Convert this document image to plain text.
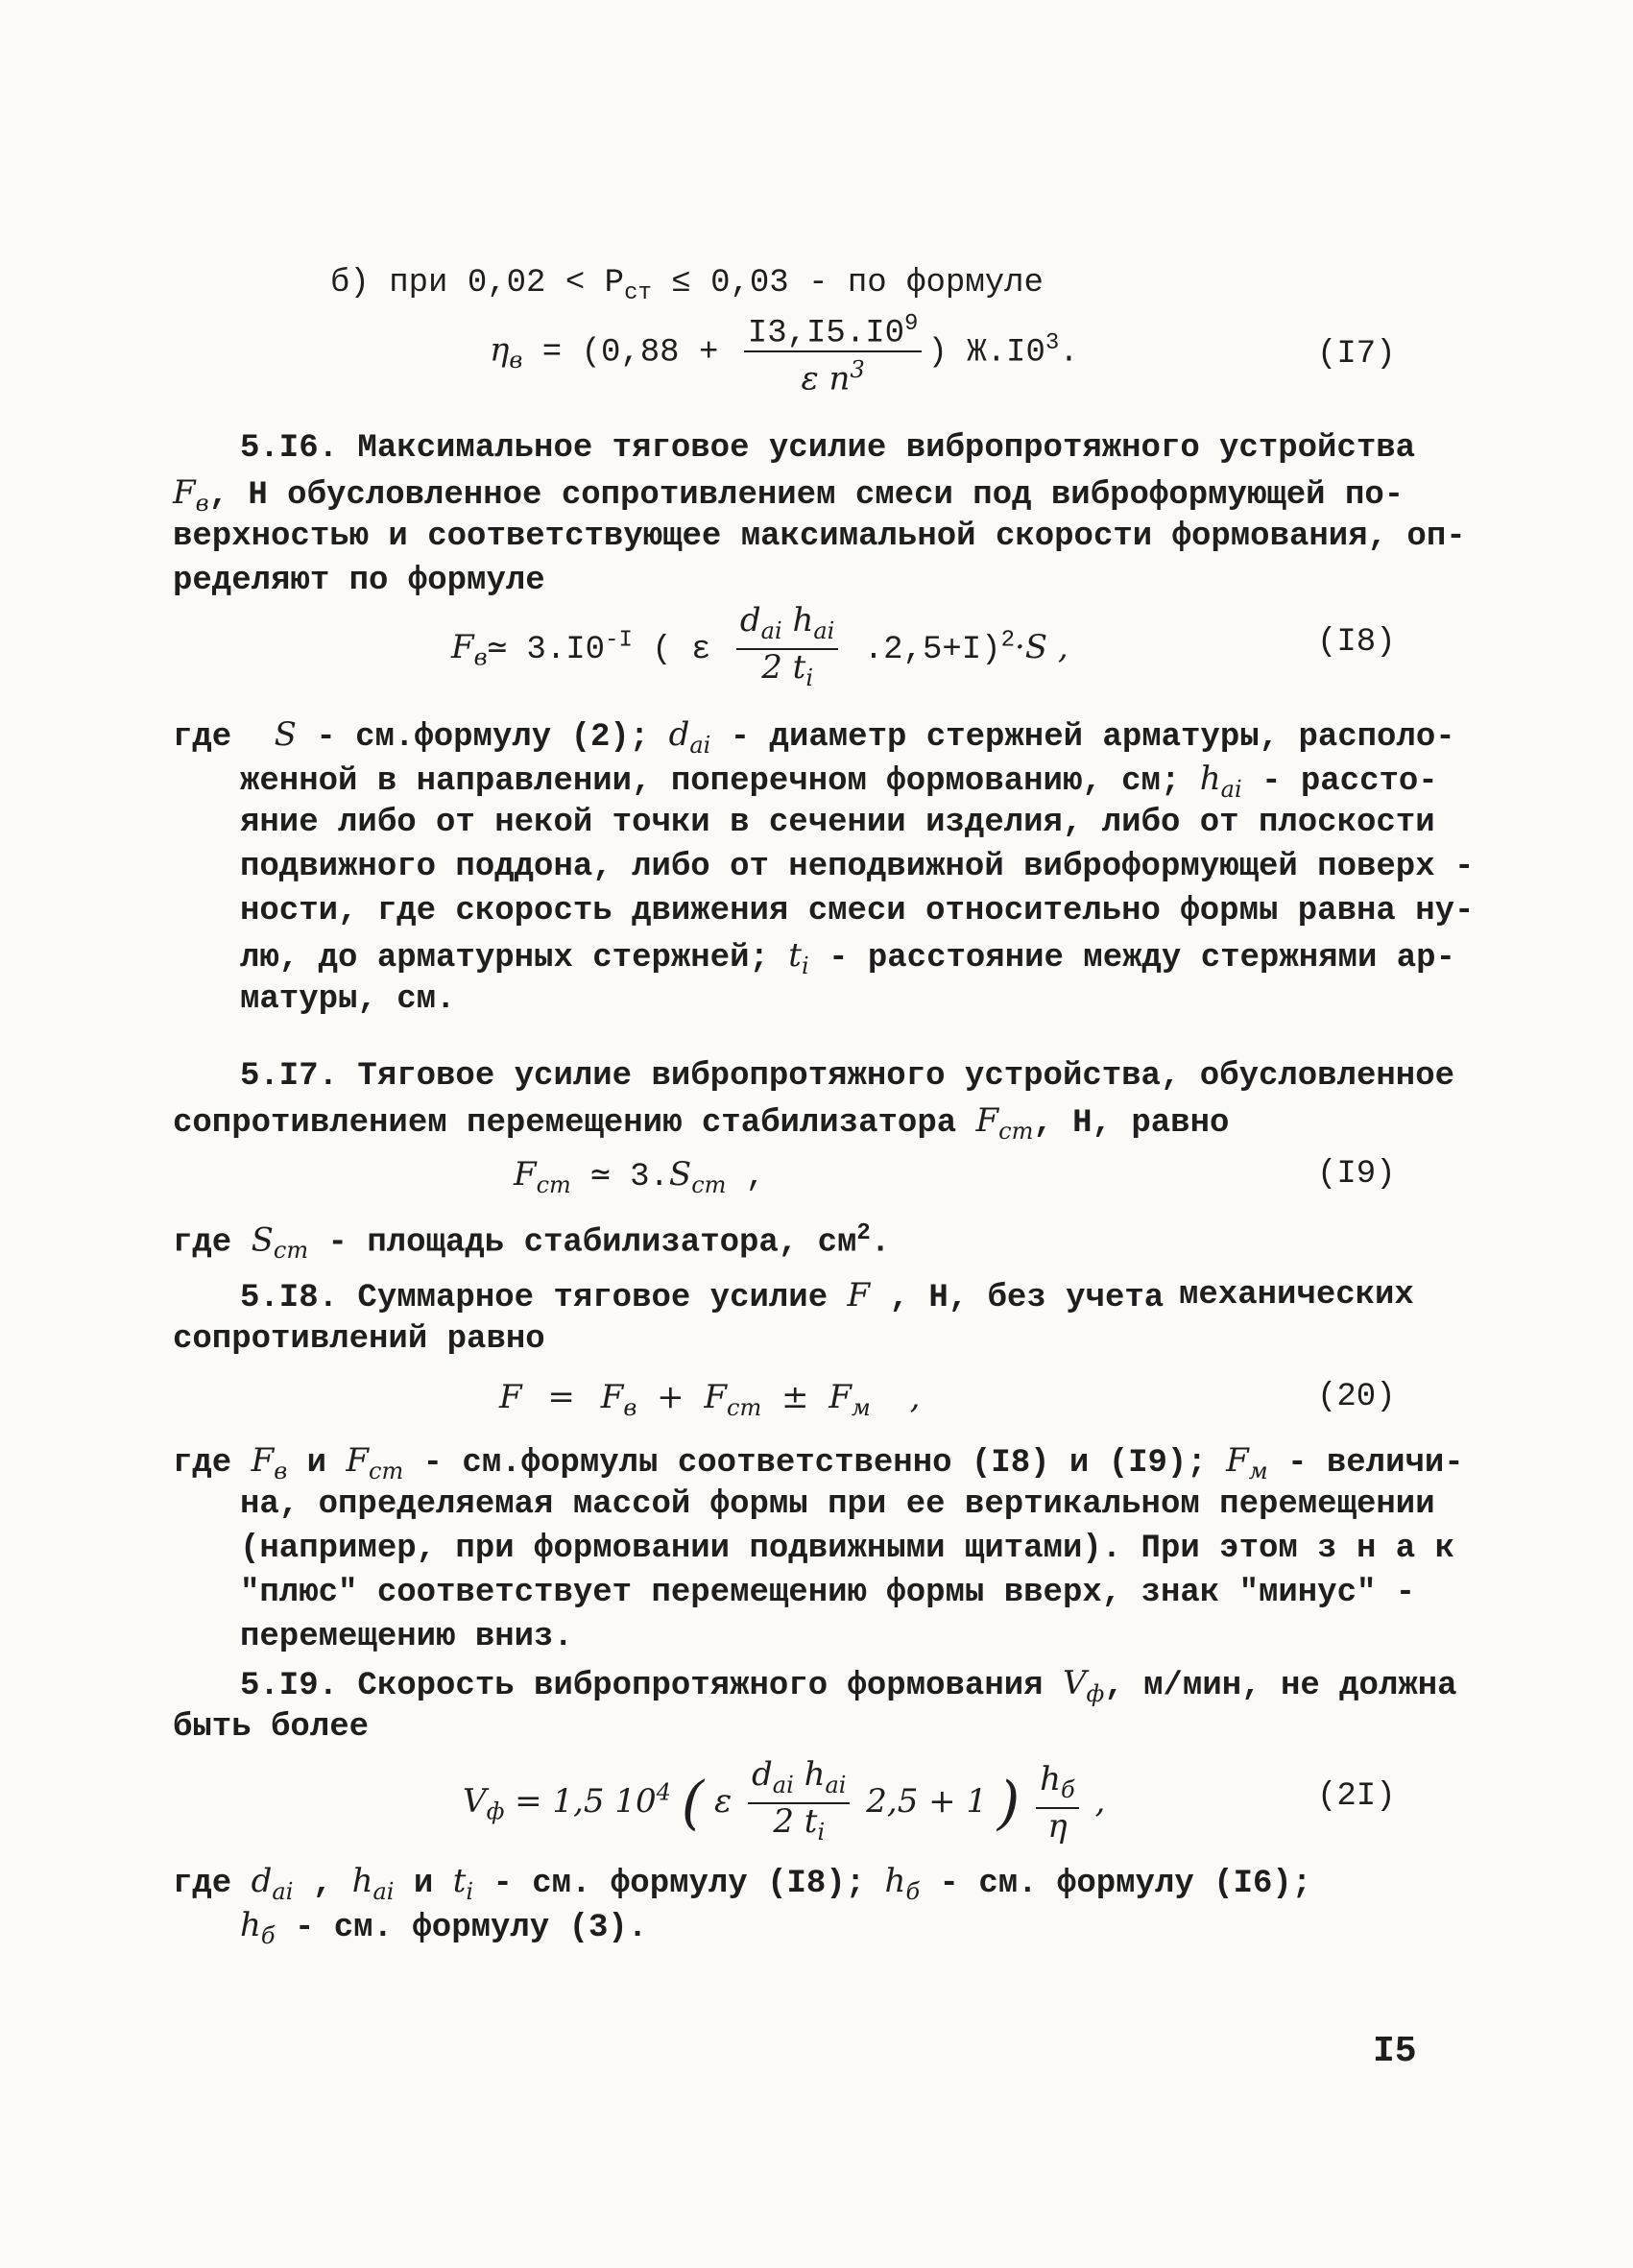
б) при $0,02 < Р_{ст} \le 0,03$ - по формуле
$\eta_в = (0,88 + \frac{I3,I5.I0^9}{\varepsilon n^3}$ ) $Ж.I0^3$.	(I7)
5.I6. Максимальное тяговое усилие вибропротяжного устройства
$F_в$, Н обусловленное сопротивлением смеси под виброформующей по-
верхностью и соответствующее максимальной скорости формования, оп-
ределяют по формуле
$F_в≃$ $3.I0^{-I}$ ( ε $\frac{d_{ai} h_{ai}}{2 t_i} .2,5+I)^2\cdot S$ ,	(I8)
где S - см.формулу (2); $d_{ai}$ - диаметр стержней арматуры, располо-
женной в направлении, поперечном формованию, см; $h_{ai}$ - рассто-
яние либо от некой точки в сечении изделия, либо от плоскости
подвижного поддона, либо от неподвижной виброформующей поверх -
ности, где скорость движения смеси относительно формы равна ну-
лю, до арматурных стержней; $t_i$ - расстояние между стержнями ар-
матуры, см.
5.I7. Тяговое усилие вибропротяжного устройства, обусловленное
сопротивлением перемещению стабилизатора $F_{ст}$, Н, равно
$F_{ст}$ ≃ $3.S_{ст}$ ,	(I9)
где $S_{ст}$ - площадь стабилизатора, $см^2$.
5.I8. Суммарное тяговое усилие F , Н, без учета механических
сопротивлений равно
$F = F_в + F_{ст} \pm F_м$ ,	(20)
где $F_в$ и $F_{ст}$ - см.формулы соответственно (I8) и (I9); $F_м$ - величи-
на, определяемая массой формы при ее вертикальном перемещении
(например, при формовании подвижными щитами). При этом з н а к
"плюс" соответствует перемещению формы вверх, знак "минус" -
перемещению вниз.
5.I9. Скорость вибропротяжного формования $V_ф$, м/мин, не должна
быть более
$V_ф = 1,5$ $10^4$ ( ε $\frac{d_{ai} h_{ai}}{2 t_i} 2,5 + 1$ ) $\frac{h_б}{\eta}$ ,	(2I)
где $d_{ai}$ , $h_{ai}$ и $t_i$ - см. формулу (I8); $h_б$ - см. формулу (I6);
$h_б$ - см. формулу (3).
I5
